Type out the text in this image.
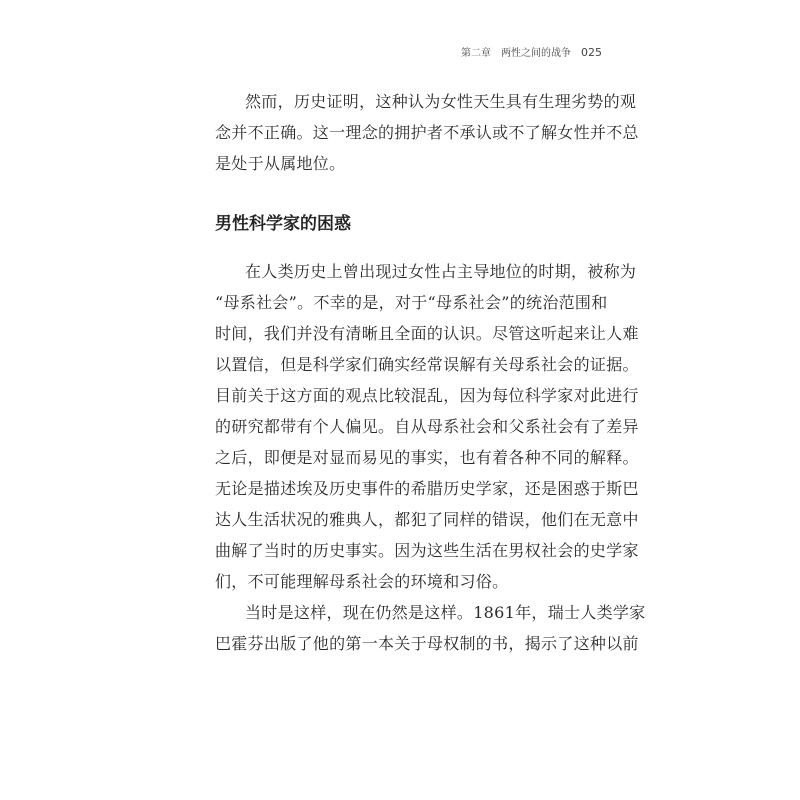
第二章 两性之间的战争 025
然而，历史证明，这种认为女性天生具有生理劣势的观
念并不正确。这一理念的拥护者不承认或不了解女性并不总
是处于从属地位。
男性科学家的困惑
在人类历史上曾出现过女性占主导地位的时期，被称为
“母系社会”。不幸的是，对于“母系社会”的统治范围和
时间，我们并没有清晰且全面的认识。尽管这听起来让人难
以置信，但是科学家们确实经常误解有关母系社会的证据。
目前关于这方面的观点比较混乱，因为每位科学家对此进行
的研究都带有个人偏见。自从母系社会和父系社会有了差异
之后，即便是对显而易见的事实，也有着各种不同的解释。
无论是描述埃及历史事件的希腊历史学家，还是困惑于斯巴
达人生活状况的雅典人，都犯了同样的错误，他们在无意中
曲解了当时的历史事实。因为这些生活在男权社会的史学家
们，不可能理解母系社会的环境和习俗。
当时是这样，现在仍然是这样。1861年，瑞士人类学家
巴霍芬出版了他的第一本关于母权制的书，揭示了这种以前
